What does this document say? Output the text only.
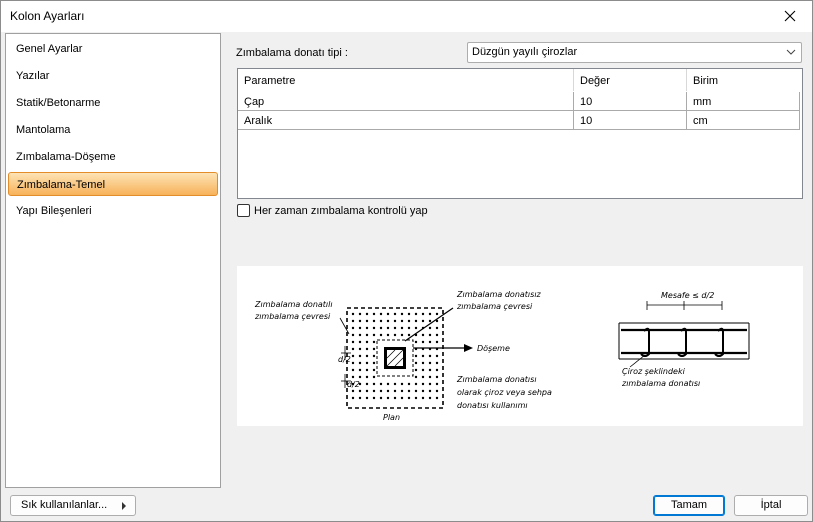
Kolon Ayarları
Genel Ayarlar
Yazılar
Statik/Betonarme
Mantolama
Zımbalama-Döşeme
Zımbalama-Temel
Yapı Bileşenleri
Zımbalama donatı tipi :	Düzgün yayılı çirozlar
Parametre	Değer	Birim
Çap	10	mm
Aralık	10	cm
Her zaman zımbalama kontrolü yap
Zımbalama donatılı
zımbalama çevresi
Zımbalama donatısız
zımbalama çevresi
Döşeme
d/2
d/2
Zımbalama donatısı
olarak çiroz veya sehpa
donatısı kullanımı
Plan
Mesafe ≤ d/2
Çiroz şeklindeki
zımbalama donatısı
Sık kullanılanlar...	Tamam	İptal
